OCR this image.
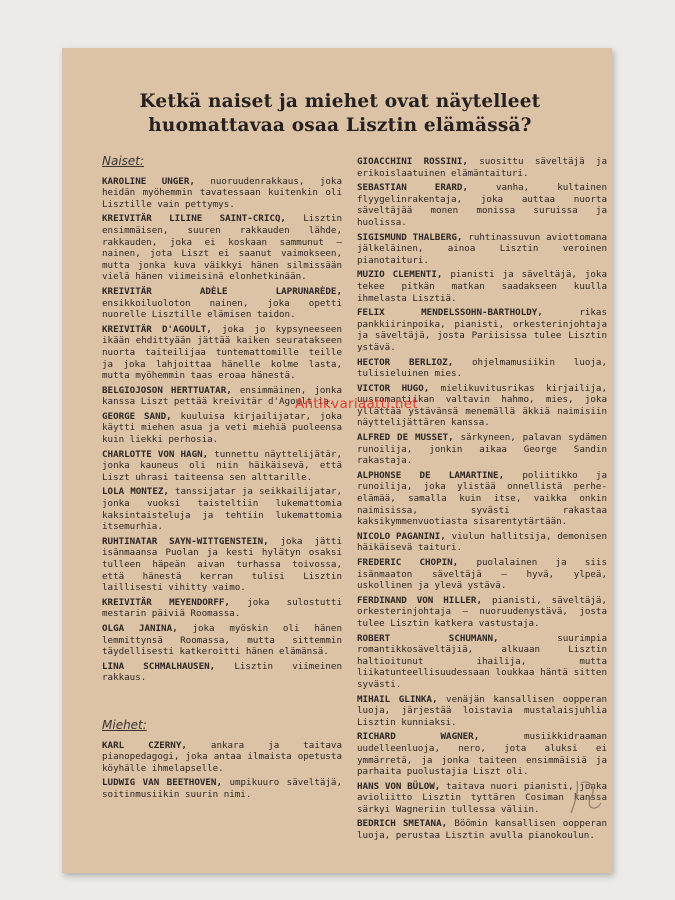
Ketkä naiset ja miehet ovat näytelleet
huomattavaa osaa Lisztin elämässä?
Naiset:
KAROLINE UNGER, nuoruudenrakkaus, joka heidän myöhemmin tavatessaan kuitenkin oli Lisztille vain pettymys.
KREIVITÄR LILINE SAINT-CRICQ, Lisztin ensimmäisen, suuren rakkauden lähde, rakkauden, joka ei koskaan sammunut — nainen, jota Liszt ei saanut vaimokseen, mutta jonka kuva väikkyi hänen silmissään vielä hänen viimeisinä elonhetkinään.
KREIVITÄR ADÈLE LAPRUNARÈDE, ensikkoiluoloton nainen, joka opetti nuorelle Lisztille elämisen taidon.
KREIVITÄR D'AGOULT, joka jo kypsyneeseen ikään ehdittyään jättää kaiken seuratakseen nuorta taiteilijaa tuntemattomille teille ja joka lahjoittaa hänelle kolme lasta, mutta myöhemmin taas eroaa hänestä.
BELGIOJOSON HERTTUATAR, ensimmäinen, jonka kanssa Liszt pettää kreivitär d'Agoult'ia.
GEORGE SAND, kuuluisa kirjailijatar, joka käytti miehen asua ja veti miehiä puoleensa kuin liekki perhosia.
CHARLOTTE VON HAGN, tunnettu näyttelijätär, jonka kauneus oli niin häikäisevä, että Liszt uhrasi taiteensa sen alttarille.
LOLA MONTEZ, tanssijatar ja seikkailijatar, jonka vuoksi taisteltiin lukemattomia kaksintaisteluja ja tehtiin lukemattomia itsemurhia.
RUHTINATAR SAYN-WITTGENSTEIN, joka jätti isänmaansa Puolan ja kesti hylätyn osaksi tulleen häpeän aivan turhassa toivossa, että hänestä kerran tulisi Lisztin laillisesti vihitty vaimo.
KREIVITÄR MEYENDORFF, joka sulostutti mestarin päiviä Roomassa.
OLGA JANINA, joka myöskin oli hänen lemmittynsä Roomassa, mutta sittemmin täydellisesti katkeroitti hänen elämänsä.
LINA SCHMALHAUSEN, Lisztin viimeinen rakkaus.
Miehet:
KARL CZERNY, ankara ja taitava pianopedagogi, joka antaa ilmaista opetusta köyhälle ihmelapselle.
LUDWIG VAN BEETHOVEN, umpikuuro säveltäjä, soitinmusiikin suurin nimi.
GIOACCHINI ROSSINI, suosittu säveltäjä ja erikoislaatuinen elämäntaituri.
SEBASTIAN ERARD, vanha, kultainen flyygelinrakentaja, joka auttaa nuorta säveltäjää monen monissa suruissa ja huolissa.
SIGISMUND THALBERG, ruhtinassuvun aviottomana jälkeläinen, ainoa Lisztin veroinen pianotaituri.
MUZIO CLEMENTI, pianisti ja säveltäjä, joka tekee pitkän matkan saadakseen kuulla ihmelasta Lisztiä.
FELIX MENDELSSOHN-BARTHOLDY, rikas pankkiirinpoika, pianisti, orkesterinjohtaja ja säveltäjä, josta Pariisissa tulee Lisztin ystävä.
HECTOR BERLIOZ, ohjelmamusiikin luoja, tulisieluinen mies.
VICTOR HUGO, mielikuvitusrikas kirjailija, uusromantiikan valtavin hahmo, mies, joka yllättää ystävänsä menemällä äkkiä naimisiin näyttelijättären kanssa.
ALFRED DE MUSSET, särkyneen, palavan sydämen runoilija, jonkin aikaa George Sandin rakastaja.
ALPHONSE DE LAMARTINE, poliitikko ja runoilija, joka ylistää onnellistä perhe-elämää, samalla kuin itse, vaikka onkin naimisissa, syvästi rakastaa kaksikymmenvuotiasta sisarentytärtään.
NICOLO PAGANINI, viulun hallitsija, demonisen häikäisevä taituri.
FREDERIC CHOPIN, puolalainen ja siis isänmaaton säveltäjä — hyvä, ylpeä, uskollinen ja ylevä ystävä.
FERDINAND VON HILLER, pianisti, säveltäjä, orkesterinjohtaja — nuoruudenystävä, josta tulee Lisztin katkera vastustaja.
ROBERT SCHUMANN, suurimpia romantikkosäveltäjiä, alkuaan Lisztin haltioitunut ihailija, mutta liikatunteellisuudessaan loukkaa häntä sitten syvästi.
MIHAIL GLINKA, venäjän kansallisen oopperan luoja, järjestää loistavia mustalaisjuhlia Lisztin kunniaksi.
RICHARD WAGNER, musiikkidraaman uudelleenluoja, nero, jota aluksi ei ymmärretä, ja jonka taiteen ensimmäisiä ja parhaita puolustajia Liszt oli.
HANS VON BÜLOW, taitava nuori pianisti, jonka avioliitto Lisztin tyttären Cosiman kanssa särkyi Wagneriin tullessa väliin.
BEDRICH SMETANA, Böömin kansallisen oopperan luoja, perustaa Lisztin avulla pianokoulun.
Antikvariaatti.net
